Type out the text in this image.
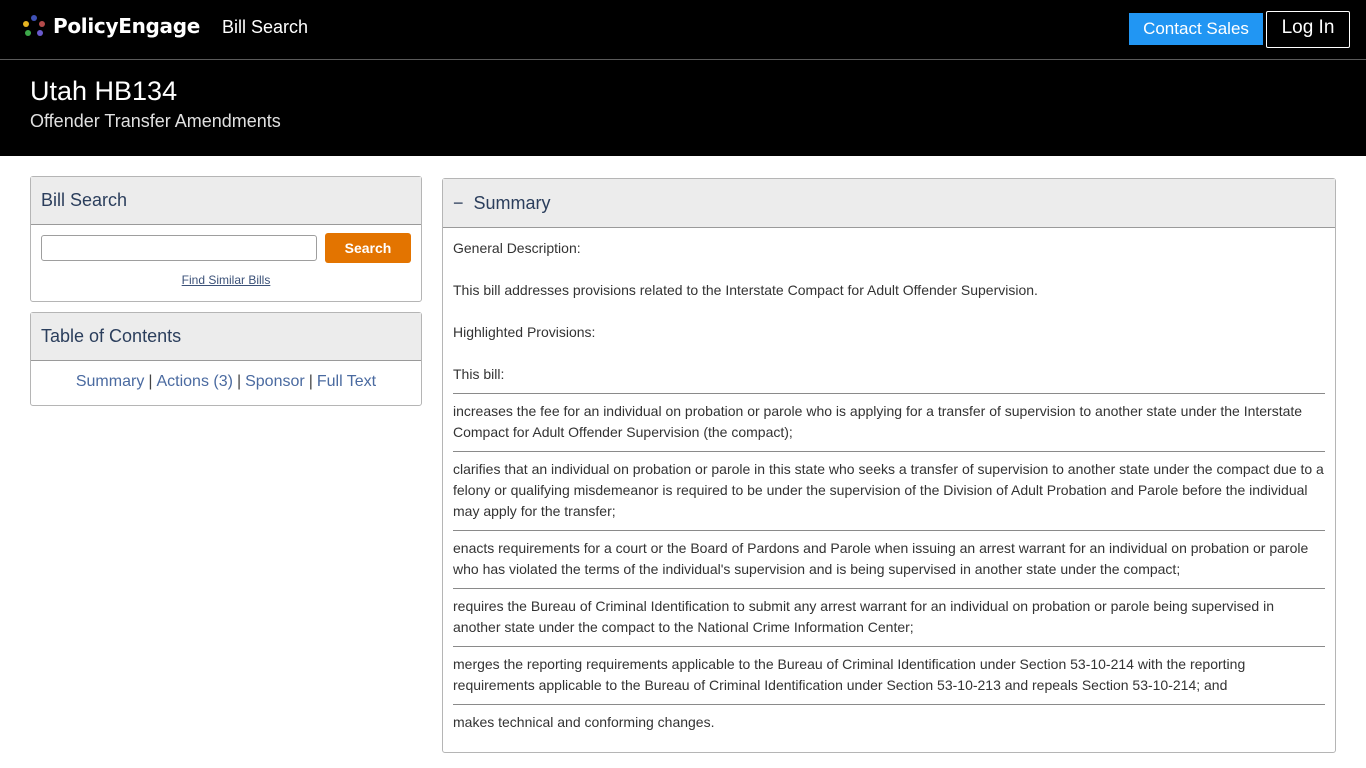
PolicyEngage Bill Search	Contact Sales	Log In
Utah HB134
Offender Transfer Amendments
Bill Search
Search
Find Similar Bills
Table of Contents
Summary | Actions (3) | Sponsor | Full Text
− Summary

General Description:

This bill addresses provisions related to the Interstate Compact for Adult Offender Supervision.

Highlighted Provisions:

This bill:

increases the fee for an individual on probation or parole who is applying for a transfer of supervision to another state under the Interstate Compact for Adult Offender Supervision (the compact);
clarifies that an individual on probation or parole in this state who seeks a transfer of supervision to another state under the compact due to a felony or qualifying misdemeanor is required to be under the supervision of the Division of Adult Probation and Parole before the individual may apply for the transfer;
enacts requirements for a court or the Board of Pardons and Parole when issuing an arrest warrant for an individual on probation or parole who has violated the terms of the individual's supervision and is being supervised in another state under the compact;
requires the Bureau of Criminal Identification to submit any arrest warrant for an individual on probation or parole being supervised in another state under the compact to the National Crime Information Center;
merges the reporting requirements applicable to the Bureau of Criminal Identification under Section 53-10-214 with the reporting requirements applicable to the Bureau of Criminal Identification under Section 53-10-213 and repeals Section 53-10-214; and
makes technical and conforming changes.
